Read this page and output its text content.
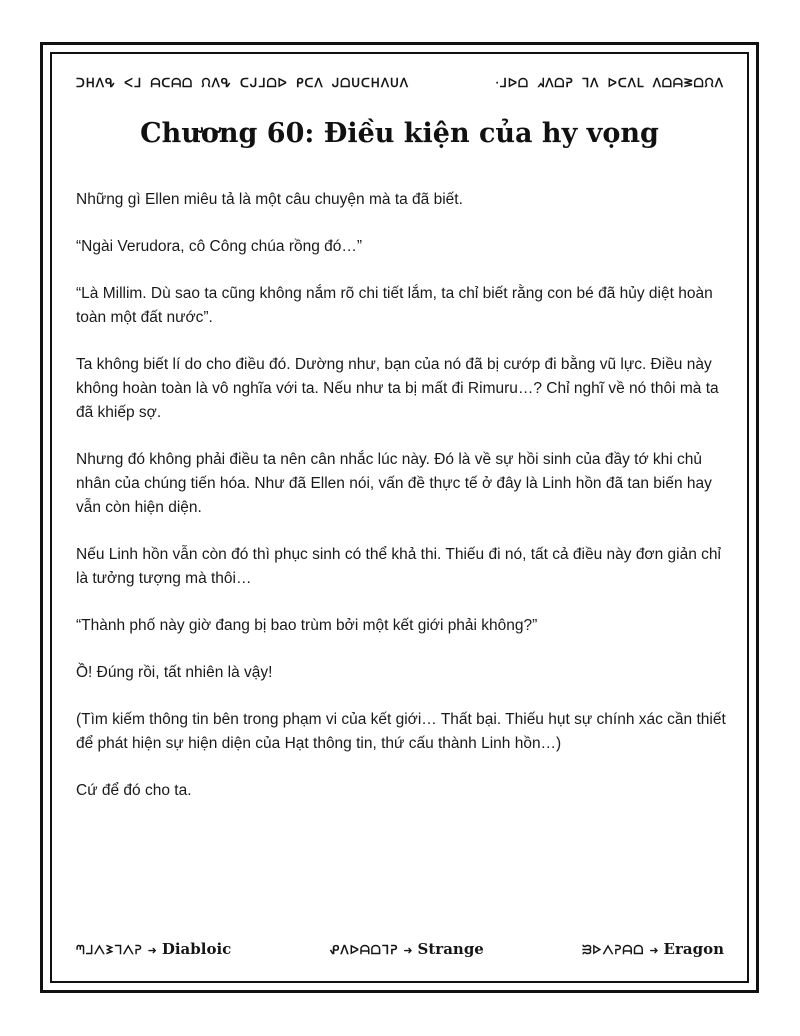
ᑐᕼᐱᕴ ᐸᒧ ᗩᑕᗩᗝ ᙁᐱᕴ ᑕᒍᒧᗝᐅ ᑭᑕᐱ ᒍᗝᑌᑕᕼᐱᑌᐱ	ᐧᒧᐅᗝ ᖽᐱᗝᕈ ᒣᐱ ᐅᑕᐱᒪ ᐱᗝᗩᕒᗝᙁᐱ
Chương 60: Điều kiện của hy vọng

Những gì Ellen miêu tả là một câu chuyện mà ta đã biết.

“Ngài Verudora, cô Công chúa rồng đó…”

“Là Millim. Dù sao ta cũng không nắm rõ chi tiết lắm, ta chỉ biết rằng con bé đã hủy diệt hoàn toàn một đất nước”.

Ta không biết lí do cho điều đó. Dường như, bạn của nó đã bị cướp đi bằng vũ lực. Điều này không hoàn toàn là vô nghĩa với ta. Nếu như ta bị mất đi Rimuru…? Chỉ nghĩ về nó thôi mà ta đã khiếp sợ.

Nhưng đó không phải điều ta nên cân nhắc lúc này. Đó là về sự hồi sinh của đầy tớ khi chủ nhân của chúng tiến hóa. Như đã Ellen nói, vấn đề thực tế ở đây là Linh hồn đã tan biến hay vẫn còn hiện diện.

Nếu Linh hồn vẫn còn đó thì phục sinh có thể khả thi. Thiếu đi nó, tất cả điều này đơn giản chỉ là tưởng tượng mà thôi…

“Thành phố này giờ đang bị bao trùm bởi một kết giới phải không?”

Ồ! Đúng rồi, tất nhiên là vậy!

(Tìm kiếm thông tin bên trong phạm vi của kết giới… Thất bại. Thiếu hụt sự chính xác cần thiết để phát hiện sự hiện diện của Hạt thông tin, thứ cấu thành Linh hồn…)

Cứ để đó cho ta.

ᘉᒧᐱᕒᒣᐱᕈ ➜ Diabloic	ᕵᐱᐅᗩᗝᒣᕈ ➜ Strange	ᙐᐅᐱᕈᗩᗝ ➜ Eragon
